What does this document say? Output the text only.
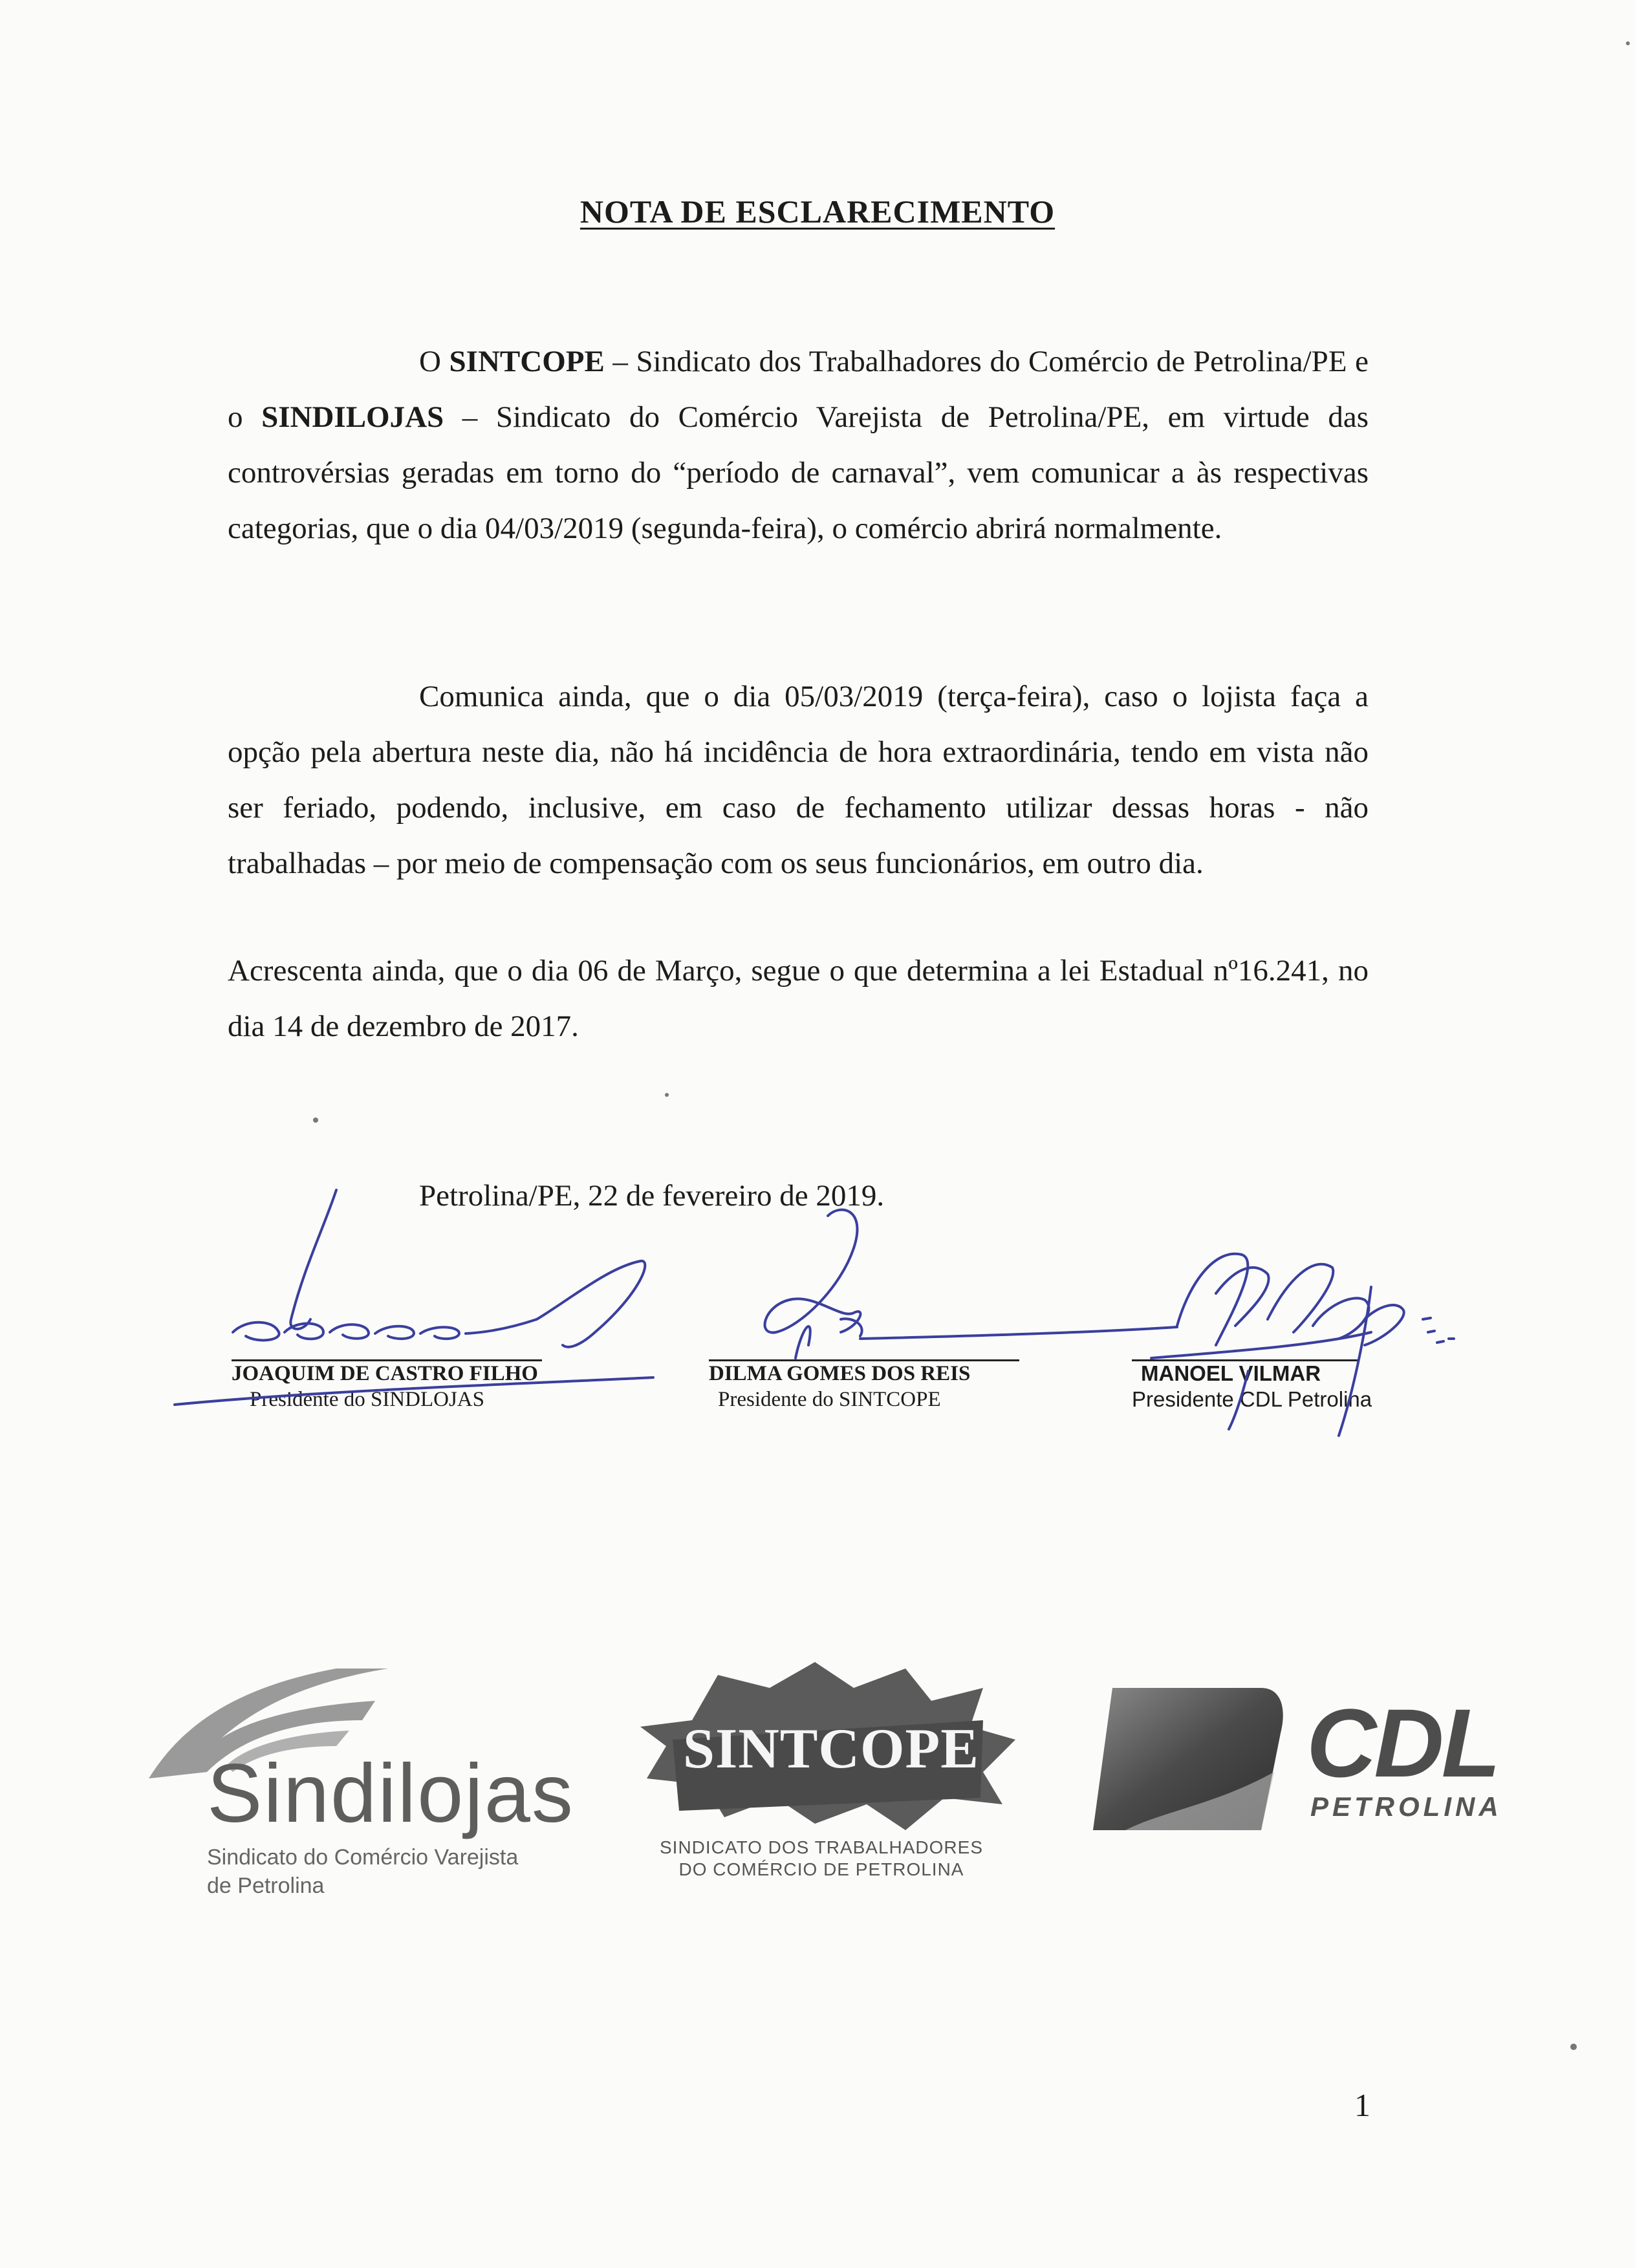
NOTA DE ESCLARECIMENTO

O SINTCOPE – Sindicato dos Trabalhadores do Comércio de Petrolina/PE e o SINDILOJAS – Sindicato do Comércio Varejista de Petrolina/PE, em virtude das controvérsias geradas em torno do “período de carnaval”, vem comunicar a às respectivas categorias, que o dia 04/03/2019 (segunda-feira), o comércio abrirá normalmente.

Comunica ainda, que o dia 05/03/2019 (terça-feira), caso o lojista faça a opção pela abertura neste dia, não há incidência de hora extraordinária, tendo em vista não ser feriado, podendo, inclusive, em caso de fechamento utilizar dessas horas - não trabalhadas – por meio de compensação com os seus funcionários, em outro dia.

Acrescenta ainda, que o dia 06 de Março, segue o que determina a lei Estadual nº16.241, no dia 14 de dezembro de 2017.

Petrolina/PE, 22 de fevereiro de 2019.
JOAQUIM DE CASTRO FILHO
Presidente do SINDLOJAS
DILMA GOMES DOS REIS
Presidente do SINTCOPE
MANOEL VILMAR
Presidente CDL Petrolina
Sindilojas
Sindicato do Comércio Varejista
de Petrolina
SINTCOPE
SINDICATO DOS TRABALHADORES
DO COMÉRCIO DE PETROLINA
CDL
PETROLINA
1
